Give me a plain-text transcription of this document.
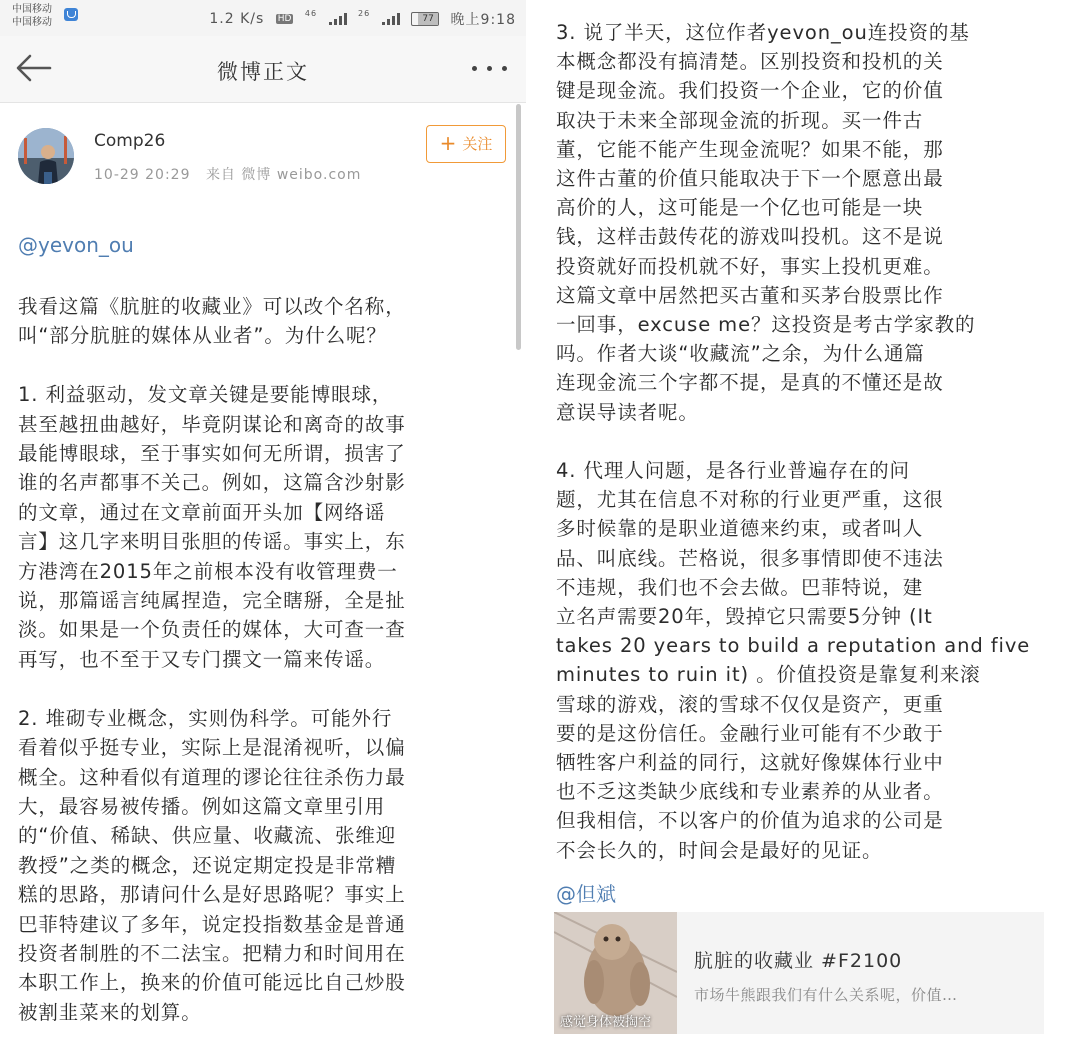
中国移动
中国移动	1.2 K/s HD 46	26

77 晚上9:18
微博正文
Comp26
10-29 20:29 来自 微博 weibo.com
+ 关注
@yevon_ou
我看这篇《肮脏的收藏业》可以改个名称，
叫“部分肮脏的媒体从业者”。为什么呢？

1. 利益驱动，发文章关键是要能博眼球，
甚至越扭曲越好，毕竟阴谋论和离奇的故事
最能博眼球，至于事实如何无所谓，损害了
谁的名声都事不关己。例如，这篇含沙射影
的文章，通过在文章前面开头加【网络谣
言】这几字来明目张胆的传谣。事实上，东
方港湾在2015年之前根本没有收管理费一
说，那篇谣言纯属捏造，完全瞎掰，全是扯
淡。如果是一个负责任的媒体，大可查一查
再写，也不至于又专门撰文一篇来传谣。

2. 堆砌专业概念，实则伪科学。可能外行
看着似乎挺专业，实际上是混淆视听，以偏
概全。这种看似有道理的谬论往往杀伤力最
大，最容易被传播。例如这篇文章里引用
的“价值、稀缺、供应量、收藏流、张维迎
教授”之类的概念，还说定期定投是非常糟
糕的思路，那请问什么是好思路呢？事实上
巴菲特建议了多年，说定投指数基金是普通
投资者制胜的不二法宝。把精力和时间用在
本职工作上，换来的价值可能远比自己炒股
被割韭菜来的划算。
3. 说了半天，这位作者yevon_ou连投资的基
本概念都没有搞清楚。区别投资和投机的关
键是现金流。我们投资一个企业，它的价值
取决于未来全部现金流的折现。买一件古
董，它能不能产生现金流呢？如果不能，那
这件古董的价值只能取决于下一个愿意出最
高价的人，这可能是一个亿也可能是一块
钱，这样击鼓传花的游戏叫投机。这不是说
投资就好而投机就不好，事实上投机更难。
这篇文章中居然把买古董和买茅台股票比作
一回事，excuse me？这投资是考古学家教的
吗。作者大谈“收藏流”之余，为什么通篇
连现金流三个字都不提，是真的不懂还是故
意误导读者呢。

4. 代理人问题，是各行业普遍存在的问
题，尤其在信息不对称的行业更严重，这很
多时候靠的是职业道德来约束，或者叫人
品、叫底线。芒格说，很多事情即使不违法
不违规，我们也不会去做。巴菲特说，建
立名声需要20年，毁掉它只需要5分钟 (It
takes 20 years to build a reputation and five
minutes to ruin it) 。价值投资是靠复利来滚
雪球的游戏，滚的雪球不仅仅是资产，更重
要的是这份信任。金融行业可能有不少敢于
牺牲客户利益的同行，这就好像媒体行业中
也不乏这类缺少底线和专业素养的从业者。
但我相信，不以客户的价值为追求的公司是
不会长久的，时间会是最好的见证。
@但斌
感觉身体被掏空
肮脏的收藏业 #F2100
市场牛熊跟我们有什么关系呢，价值…
